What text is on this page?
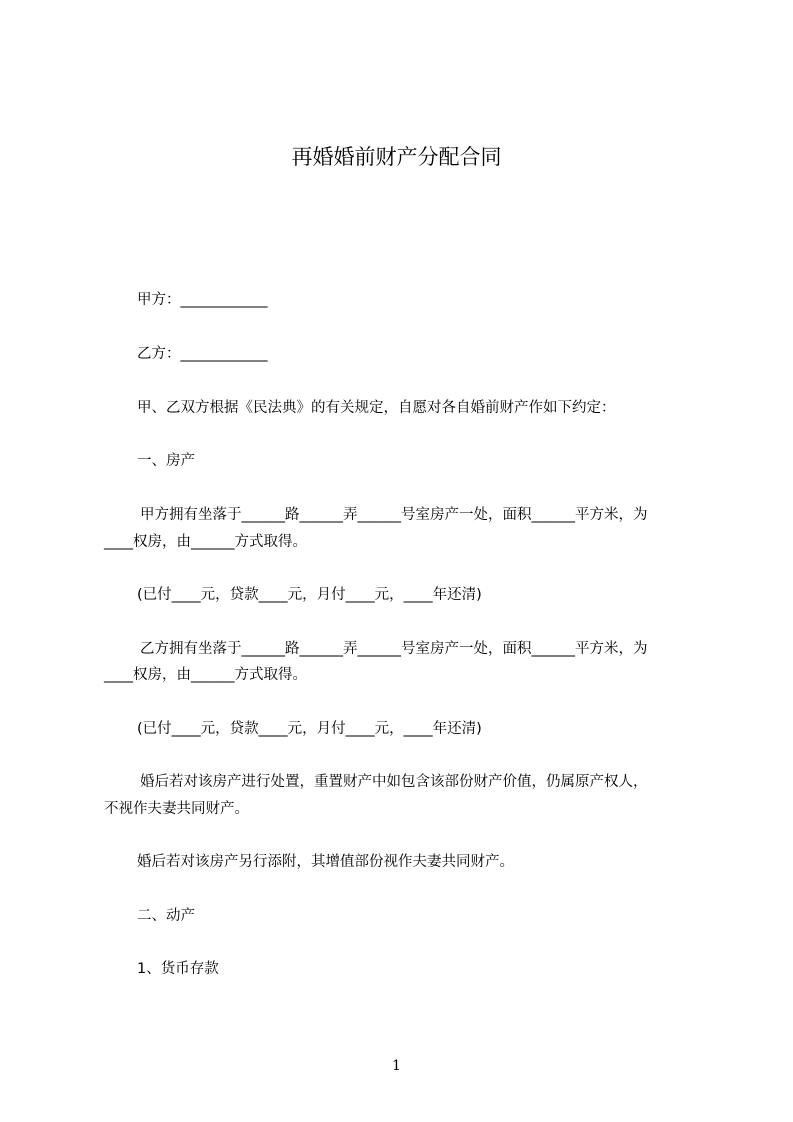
再婚婚前财产分配合同

甲方：____________

乙方：____________

甲、乙双方根据《民法典》的有关规定，自愿对各自婚前财产作如下约定：

一、房产

甲方拥有坐落于______路______弄______号室房产一处，面积______平方米，为

____权房，由______方式取得。

(已付____元，贷款____元，月付____元，____年还清)

乙方拥有坐落于______路______弄______号室房产一处，面积______平方米，为

____权房，由______方式取得。

(已付____元，贷款____元，月付____元，____年还清)

婚后若对该房产进行处置，重置财产中如包含该部份财产价值，仍属原产权人，

不视作夫妻共同财产。

婚后若对该房产另行添附，其增值部份视作夫妻共同财产。

二、动产

1、货币存款

1
